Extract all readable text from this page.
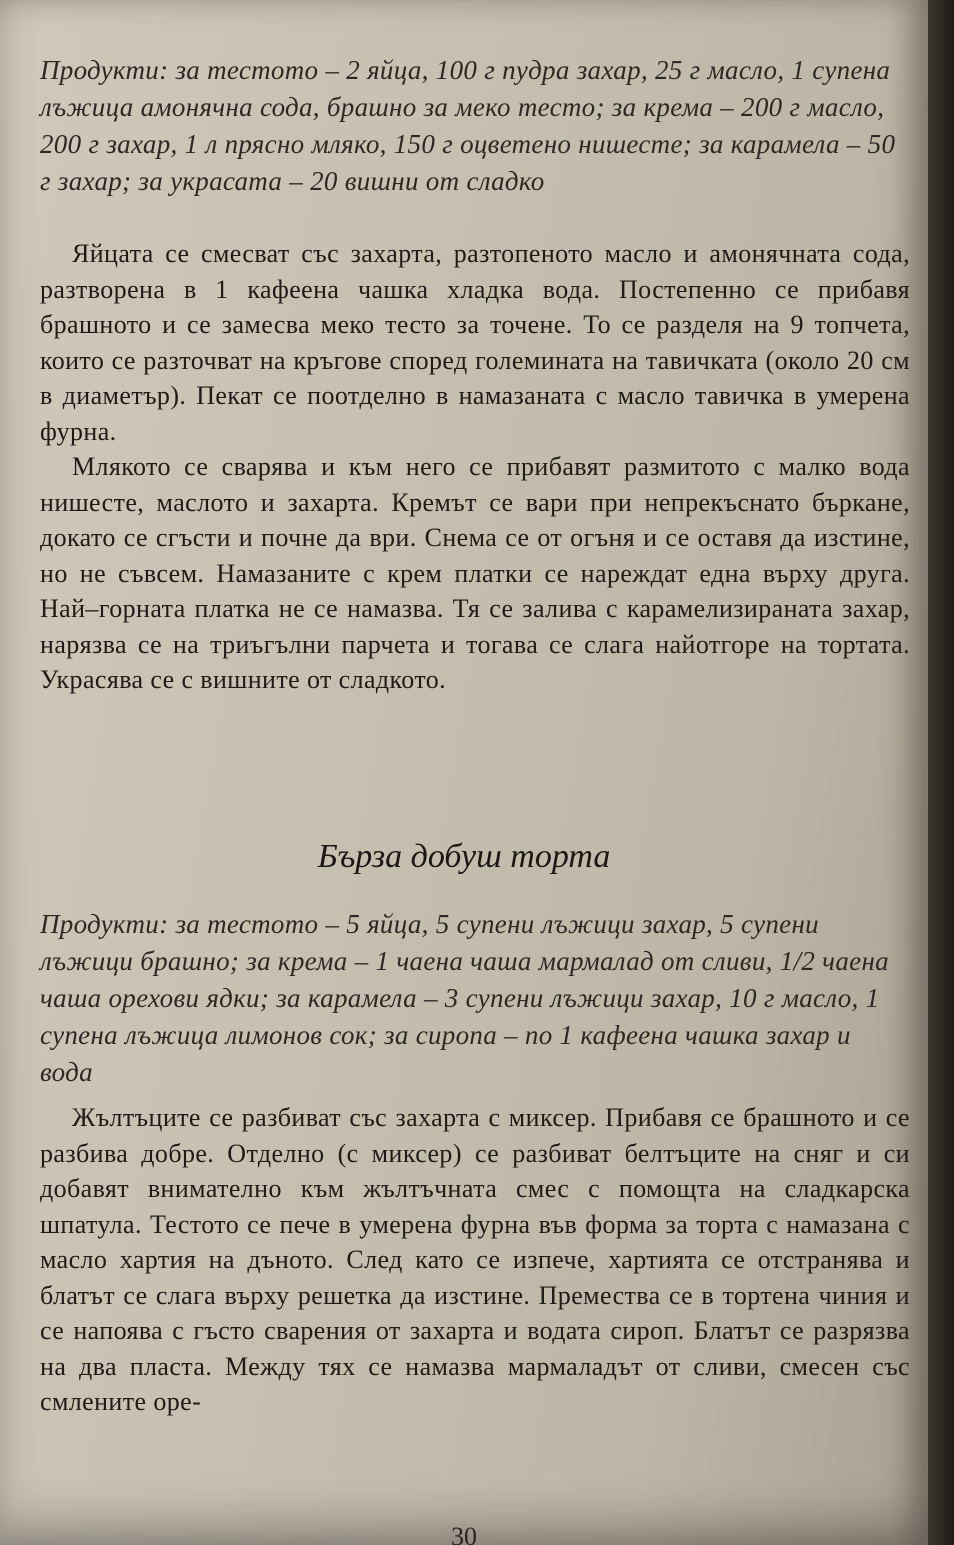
Продукти: за тестото – 2 яйца, 100 г пудра захар, 25 г масло, 1 супена лъжица амонячна сода, брашно за меко тесто; за крема – 200 г масло, 200 г захар, 1 л прясно мляко, 150 г оцветено нишесте; за карамела – 50 г захар; за украсата – 20 вишни от сладко

Яйцата се смесват със захарта, разтопеното масло и амонячната сода, разтворена в 1 кафеена чашка хладка вода. Постепенно се прибавя брашното и се замесва меко тесто за точене. То се разделя на 9 топчета, които се разточват на кръгове според големината на тавичката (около 20 см в диаметър). Пекат се поотделно в намазаната с масло тавичка в умерена фурна.

Млякото се сварява и към него се прибавят размитото с малко вода нишесте, маслото и захарта. Кремът се вари при непрекъснато бъркане, докато се сгъсти и почне да ври. Снема се от огъня и се оставя да изстине, но не съвсем. Намазаните с крем платки се нареждат една върху друга. Най–горната платка не се намазва. Тя се залива с карамелизираната захар, нарязва се на триъгълни парчета и тогава се слага найотгоре на тортата. Украсява се с вишните от сладкото.

Бърза добуш торта
Продукти: за тестото – 5 яйца, 5 супени лъжици захар, 5 супени лъжици брашно; за крема – 1 чаена чаша мармалад от сливи, 1/2 чаена чаша орехови ядки; за карамела – 3 супени лъжици захар, 10 г масло, 1 супена лъжица лимонов сок; за сиропа – по 1 кафеена чашка захар и вода

Жълтъците се разбиват със захарта с миксер. Прибавя се брашното и се разбива добре. Отделно (с миксер) се разбиват белтъците на сняг и си добавят внимателно към жълтъчната смес с помощта на сладкарска шпатула. Тестото се пече в умерена фурна във форма за торта с намазана с масло хартия на дъното. След като се изпече, хартията се отстранява и блатът се слага върху решетка да изстине. Премества се в тортена чиния и се напоява с гъсто сварения от захарта и водата сироп. Блатът се разрязва на два пласта. Между тях се намазва мармаладът от сливи, смесен със смлените оре-

30
